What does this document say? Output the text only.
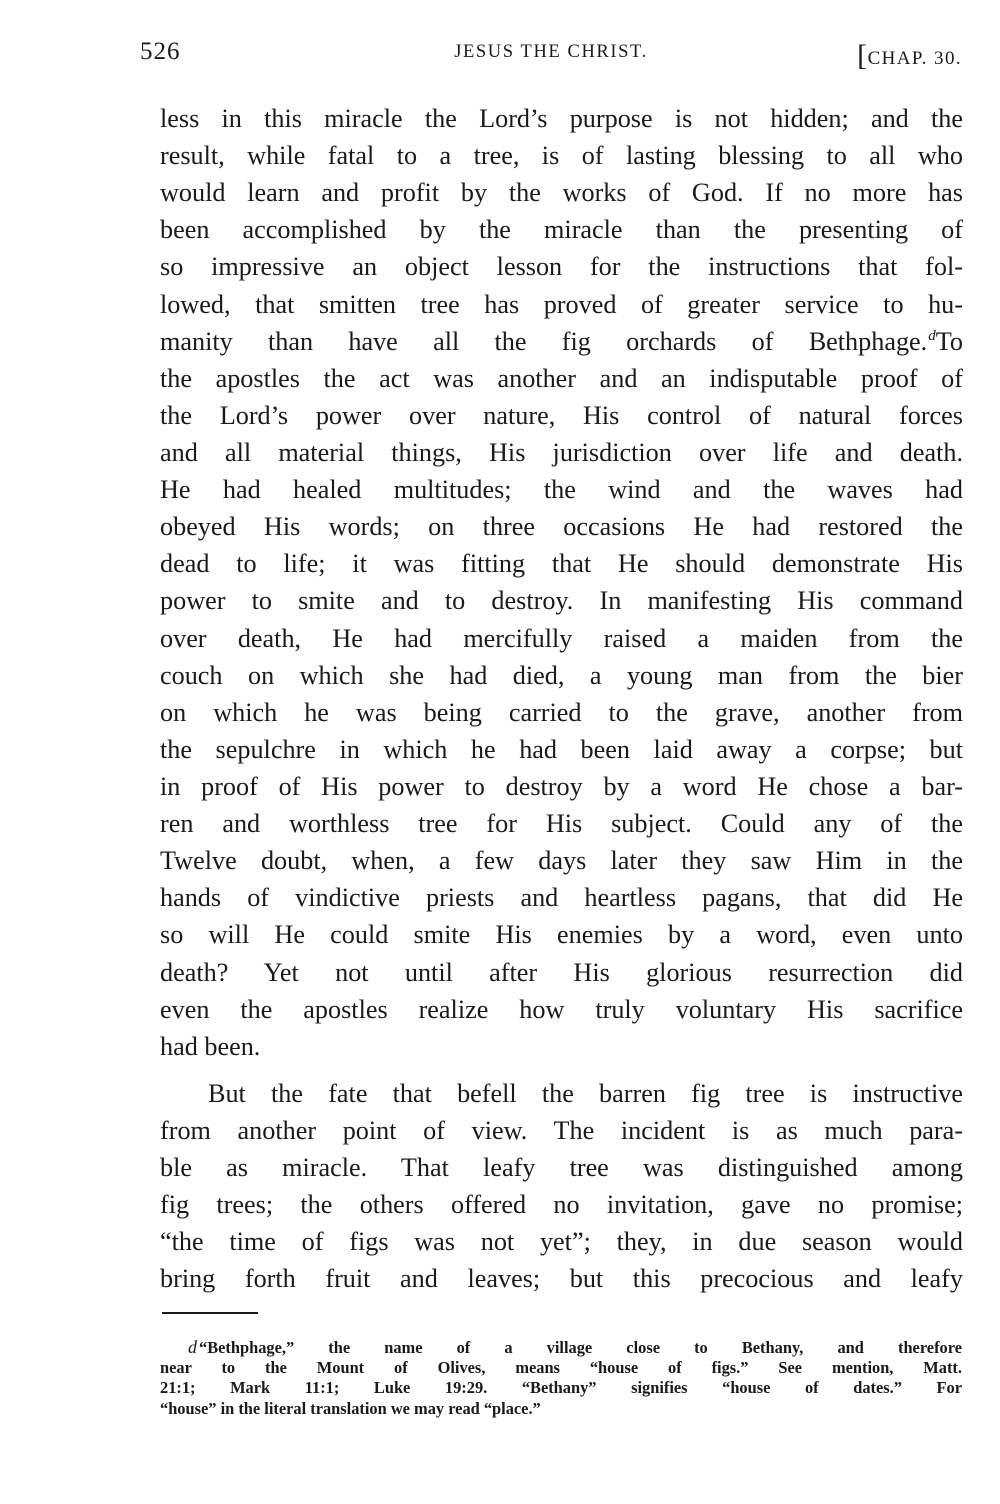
526	JESUS THE CHRIST.	[CHAP. 30.
less in this miracle the Lord’s purpose is not hidden; and the
result, while fatal to a tree, is of lasting blessing to all who
would learn and profit by the works of God. If no more has
been accomplished by the miracle than the presenting of
so impressive an object lesson for the instructions that fol-
lowed, that smitten tree has proved of greater service to hu-
manity than have all the fig orchards of Bethphage.$^d$To
the apostles the act was another and an indisputable proof of
the Lord’s power over nature, His control of natural forces
and all material things, His jurisdiction over life and death.
He had healed multitudes; the wind and the waves had
obeyed His words; on three occasions He had restored the
dead to life; it was fitting that He should demonstrate His
power to smite and to destroy. In manifesting His command
over death, He had mercifully raised a maiden from the
couch on which she had died, a young man from the bier
on which he was being carried to the grave, another from
the sepulchre in which he had been laid away a corpse; but
in proof of His power to destroy by a word He chose a bar-
ren and worthless tree for His subject. Could any of the
Twelve doubt, when, a few days later they saw Him in the
hands of vindictive priests and heartless pagans, that did He
so will He could smite His enemies by a word, even unto
death? Yet not until after His glorious resurrection did
even the apostles realize how truly voluntary His sacrifice
had been.
But the fate that befell the barren fig tree is instructive
from another point of view. The incident is as much para-
ble as miracle. That leafy tree was distinguished among
fig trees; the others offered no invitation, gave no promise;
“the time of figs was not yet”; they, in due season would
bring forth fruit and leaves; but this precocious and leafy
d “Bethphage,” the name of a village close to Bethany, and therefore
near to the Mount of Olives, means “house of figs.” See mention, Matt.
21:1; Mark 11:1; Luke 19:29. “Bethany” signifies “house of dates.” For
“house” in the literal translation we may read “place.”
